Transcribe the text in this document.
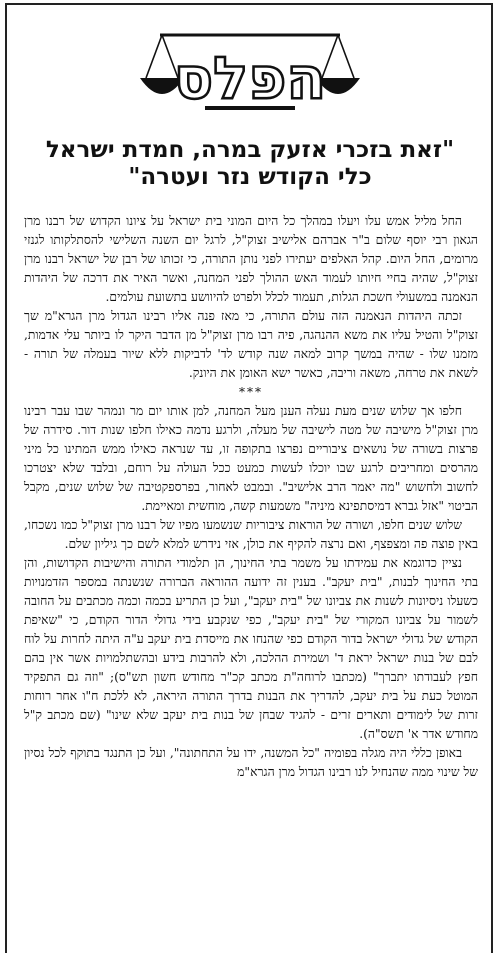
הפלס
"זאת בזכרי אזעק במרה, חמדת ישראל
כלי הקודש נזר ועטרה"

החל מליל אמש עלו ויעלו במהלך כל היום המוני בית ישראל על ציונו הקדוש של רבנו מרן הגאון רבי יוסף שלום ב"ר אברהם אלישיב זצוק"ל, לרגל יום השנה השלישי להסתלקותו לגנזי מרומים, החל היום. קהל האלפים יעתירו לפני נותן התורה, כי זכותו של רבן של ישראל רבנו מרן זצוק"ל, שהיה בחיי חיותו לעמוד האש ההולך לפני המחנה, ואשר האיר את דרכה של היהדות הנאמנה במשעולי חשכת הגלות, תעמוד לכלל ולפרט להיוושע בתשועת עולמים.

זכתה היהדות הנאמנה הזה עולם התורה, כי מאז פנה אליו רבינו הגדול מרן הגרא"מ שך זצוק"ל והטיל עליו את משא ההנהגה, פיה רבו מרן זצוק"ל מן הדבר היקר לו ביותר עלי אדמות, מזמנו שלו - שהיה במשך קרוב למאה שנה קודש לד' לדביקות ללא שיור בעמלה של תורה - לשאת את טרחה, משאה וריבה, כאשר ישא האומן את היונק.

***

חלפו אך שלוש שנים מעת נעלה הענן מעל המחנה, למן אותו יום מר ונמהר שבו עבר רבינו מרן זצוק"ל מישיבה של מטה לישיבה של מעלה, ולרגע נדמה כאילו חלפו שנות דור. סידרה של פרצות בשורה של נושאים ציבוריים נפרצו בתקופה זו, עד שנראה כאילו ממש המתינו כל מיני מהרסים ומחריבים לרגע שבו יוכלו לעשות כמעט ככל העולה על רוחם, ובלבד שלא יצטרכו לחשוב ולחשוש "מה יאמר הרב אלישיב". ובמבט לאחור, בפרספקטיבה של שלוש שנים, מקבל הביטוי "אזל גברא דמיסתפינא מיניה" משמעות קשה, מוחשית ומאיימת.

שלוש שנים חלפו, ושורה של הוראות ציבוריות שנשמעו מפיו של רבנו מרן זצוק"ל כמו נשכחו, באין פוצה פה ומצפצף, ואם נרצה להקיף את כולן, אזי נידרש למלא לשם כך גיליון שלם.

נציין כדוגמא את עמידתו על משמר בתי החינוך, הן תלמודי התורה והישיבות הקדושות, והן בתי החינוך לבנות, "בית יעקב". בענין זה ידועה ההוראה הברורה שנשנתה במספר הזדמנויות כשעלו ניסיונות לשנות את צביונו של "בית יעקב", ועל כן התריע בכמה וכמה מכתבים על החובה לשמור על צביונו המקורי של "בית יעקב", כפי שנקבע בידי גדולי הדור הקודם, כי "שאיפת הקודש של גדולי ישראל בדור הקודם כפי שהנחו את מייסדת בית יעקב ע"ה היתה לחרות על לוח לבם של בנות ישראל יראת ד' ושמירת ההלכה, ולא להרבות בידע ובהשתלמויות אשר אין בהם חפץ לעבודתו יתברך" (מכתבו לרוחה"ת מכתב קכ"ר מחודש חשון תש"ס); "וזה גם התפקיד המוטל כעת על בית יעקב, להדריך את הבנות בדרך התורה היראה, לא ללכת ח"ו אחר רוחות זרות של לימודים ותארים זרים - להגיד שבחן של בנות בית יעקב שלא שינו" (שם מכתב ק"ל מחודש אדר א' תשס"ה).

באופן כללי היה מגלה בפומיה "כל המשנה, ידו על התחתונה", ועל כן התנגד בתוקף לכל נסיון של שינוי ממה שהנחיל לנו רבינו הגדול מרן הגרא"מ
